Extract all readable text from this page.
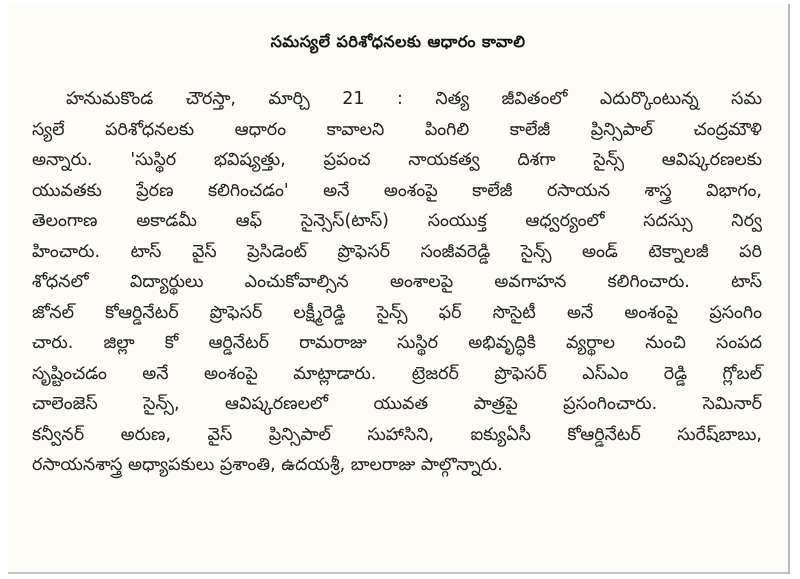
సమస్యలే పరిశోధనలకు ఆధారం కావాలి
హనుమకొండ చౌరస్తా, మార్చి 21 : నిత్య జీవితంలో ఎదుర్కొంటున్న సమ
స్యలే పరిశోధనలకు ఆధారం కావాలని పింగిలి కాలేజీ ప్రిన్సిపాల్ చంద్రమౌళి
అన్నారు. 'సుస్థిర భవిష్యత్తు, ప్రపంచ నాయకత్వ దిశగా సైన్స్ ఆవిష్కరణలకు
యువతకు ప్రేరణ కలిగించడం' అనే అంశంపై కాలేజీ రసాయన శాస్త్ర విభాగం,
తెలంగాణ అకాడమీ ఆఫ్ సైన్సెస్(టాస్) సంయుక్త ఆధ్వర్యంలో సదస్సు నిర్వ
హించారు. టాస్ వైస్ ప్రెసిడెంట్ ప్రొఫెసర్ సంజీవరెడ్డి సైన్స్ అండ్ టెక్నాలజీ పరి
శోధనలో విద్యార్థులు ఎంచుకోవాల్సిన అంశాలపై అవగాహన కలిగించారు. టాస్
జోనల్ కోఆర్డినేటర్ ప్రొఫెసర్ లక్ష్మీరెడ్డి సైన్స్ ఫర్ సొసైటీ అనే అంశంపై ప్రసంగిం
చారు. జిల్లా కో ఆర్డినేటర్ రామరాజు సుస్థిర అభివృద్ధికి వ్యర్థాల నుంచి సంపద
సృష్టించడం అనే అంశంపై మాట్లాడారు. ట్రెజరర్ ప్రొఫెసర్ ఎస్ఎం రెడ్డి గ్లోబల్
చాలెంజెస్ సైన్స్, ఆవిష్కరణలలో యువత పాత్రపై ప్రసంగించారు. సెమినార్
కన్వీనర్ అరుణ, వైస్ ప్రిన్సిపాల్ సుహాసిని, ఐక్యుఏసీ కోఆర్డినేటర్ సురేష్‌బాబు,
రసాయనశాస్త్ర అధ్యాపకులు ప్రశాంతి, ఉదయశ్రీ, బాలరాజు పాల్గొన్నారు.
